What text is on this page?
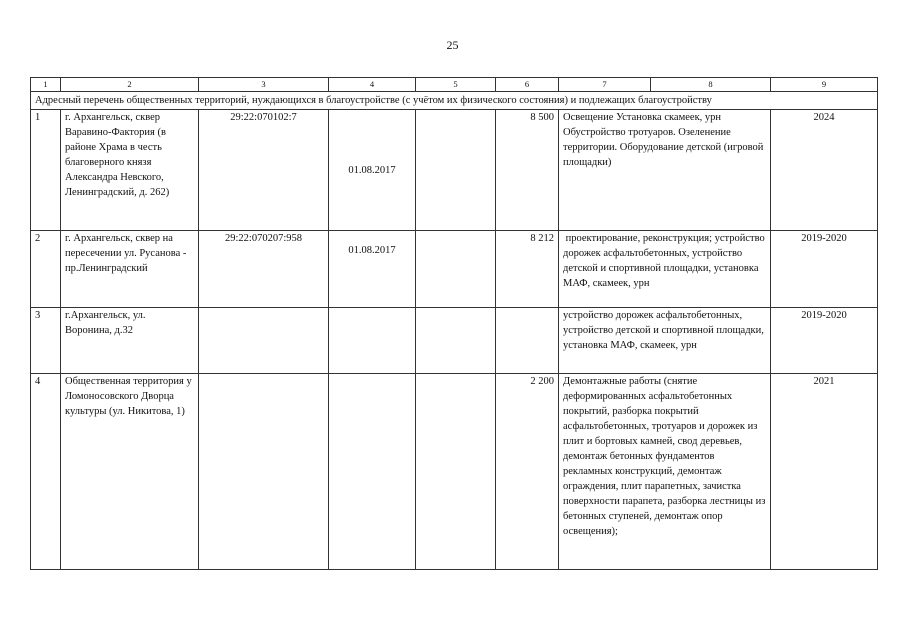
25
1	2	3	4	5	6	7	8	9
Адресный перечень общественных территорий, нуждающихся в благоустройстве (с учётом их физического состояния) и подлежащих благоустройству								
1	г. Архангельск, сквер Варавино-Фактория (в районе Храма в честь благоверного князя Александра Невского, Ленинградский, д. 262)	29:22:070102:7	01.08.2017		8 500	Освещение Установка скамеек, урн Обустройство тротуаров. Озеленение территории. Оборудование детской (игровой площадки)		2024
2	г. Архангельск, сквер на пересечении ул. Русанова - пр.Ленинградский	29:22:070207:958	01.08.2017		8 212	проектирование, реконструкция; устройство дорожек асфальтобетонных, устройство детской и спортивной площадки, установка МАФ, скамеек, урн		2019-2020
3	г.Архангельск, ул. Воронина, д.32					устройство дорожек асфальтобетонных, устройство детской и спортивной площадки, установка МАФ, скамеек, урн		2019-2020
4	Общественная территория у Ломоносовского Дворца культуры (ул. Никитова, 1)				2 200	Демонтажные работы (снятие деформированных асфальтобетонных покрытий, разборка покрытий асфальтобетонных, тротуаров и дорожек из плит и бортовых камней, свод деревьев, демонтаж бетонных фундаментов рекламных конструкций, демонтаж ограждения, плит парапетных, зачистка поверхности парапета, разборка лестницы из бетонных ступеней, демонтаж опор освещения);		2021
